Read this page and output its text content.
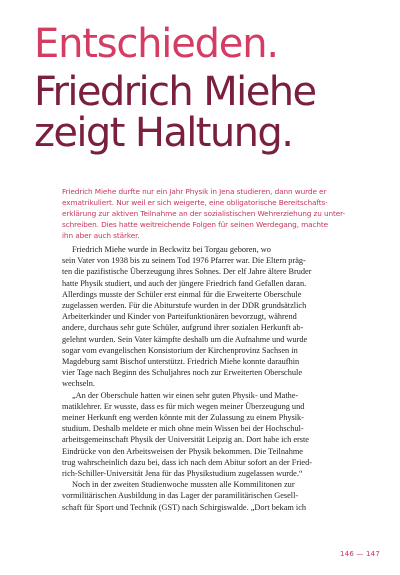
Entschieden.
Friedrich Miehe
zeigt Haltung.

Friedrich Miehe durfte nur ein Jahr Physik in Jena studieren, dann wurde er
exmatrikuliert. Nur weil er sich weigerte, eine obligatorische Bereitschafts-
erklärung zur aktiven Teilnahme an der sozialistischen Wehrerziehung zu unter-
schreiben. Dies hatte weitreichende Folgen für seinen Werdegang, machte
ihn aber auch stärker.

Friedrich Miehe wurde in Beckwitz bei Torgau geboren, wo
sein Vater von 1938 bis zu seinem Tod 1976 Pfarrer war. Die Eltern präg-
ten die pazifistische Überzeugung ihres Sohnes. Der elf Jahre ältere Bruder
hatte Physik studiert, und auch der jüngere Friedrich fand Gefallen daran.
Allerdings musste der Schüler erst einmal für die Erweiterte Oberschule
zugelassen werden. Für die Abiturstufe wurden in der DDR grundsätzlich
Arbeiterkinder und Kinder von Parteifunktionären bevorzugt, während
andere, durchaus sehr gute Schüler, aufgrund ihrer sozialen Herkunft ab-
gelehnt wurden. Sein Vater kämpfte deshalb um die Aufnahme und wurde
sogar vom evangelischen Konsistorium der Kirchenprovinz Sachsen in
Magdeburg samt Bischof unterstützt. Friedrich Miehe konnte daraufhin
vier Tage nach Beginn des Schuljahres noch zur Erweiterten Oberschule
wechseln.
„An der Oberschule hatten wir einen sehr guten Physik- und Mathe-
matiklehrer. Er wusste, dass es für mich wegen meiner Überzeugung und
meiner Herkunft eng werden könnte mit der Zulassung zu einem Physik-
studium. Deshalb meldete er mich ohne mein Wissen bei der Hochschul-
arbeitsgemeinschaft Physik der Universität Leipzig an. Dort habe ich erste
Eindrücke von den Arbeitsweisen der Physik bekommen. Die Teilnahme
trug wahrscheinlich dazu bei, dass ich nach dem Abitur sofort an der Fried-
rich-Schiller-Universität Jena für das Physikstudium zugelassen wurde.“
Noch in der zweiten Studienwoche mussten alle Kommilitonen zur
vormilitärischen Ausbildung in das Lager der paramilitärischen Gesell-
schaft für Sport und Technik (GST) nach Schirgiswalde. „Dort bekam ich
146 — 147
